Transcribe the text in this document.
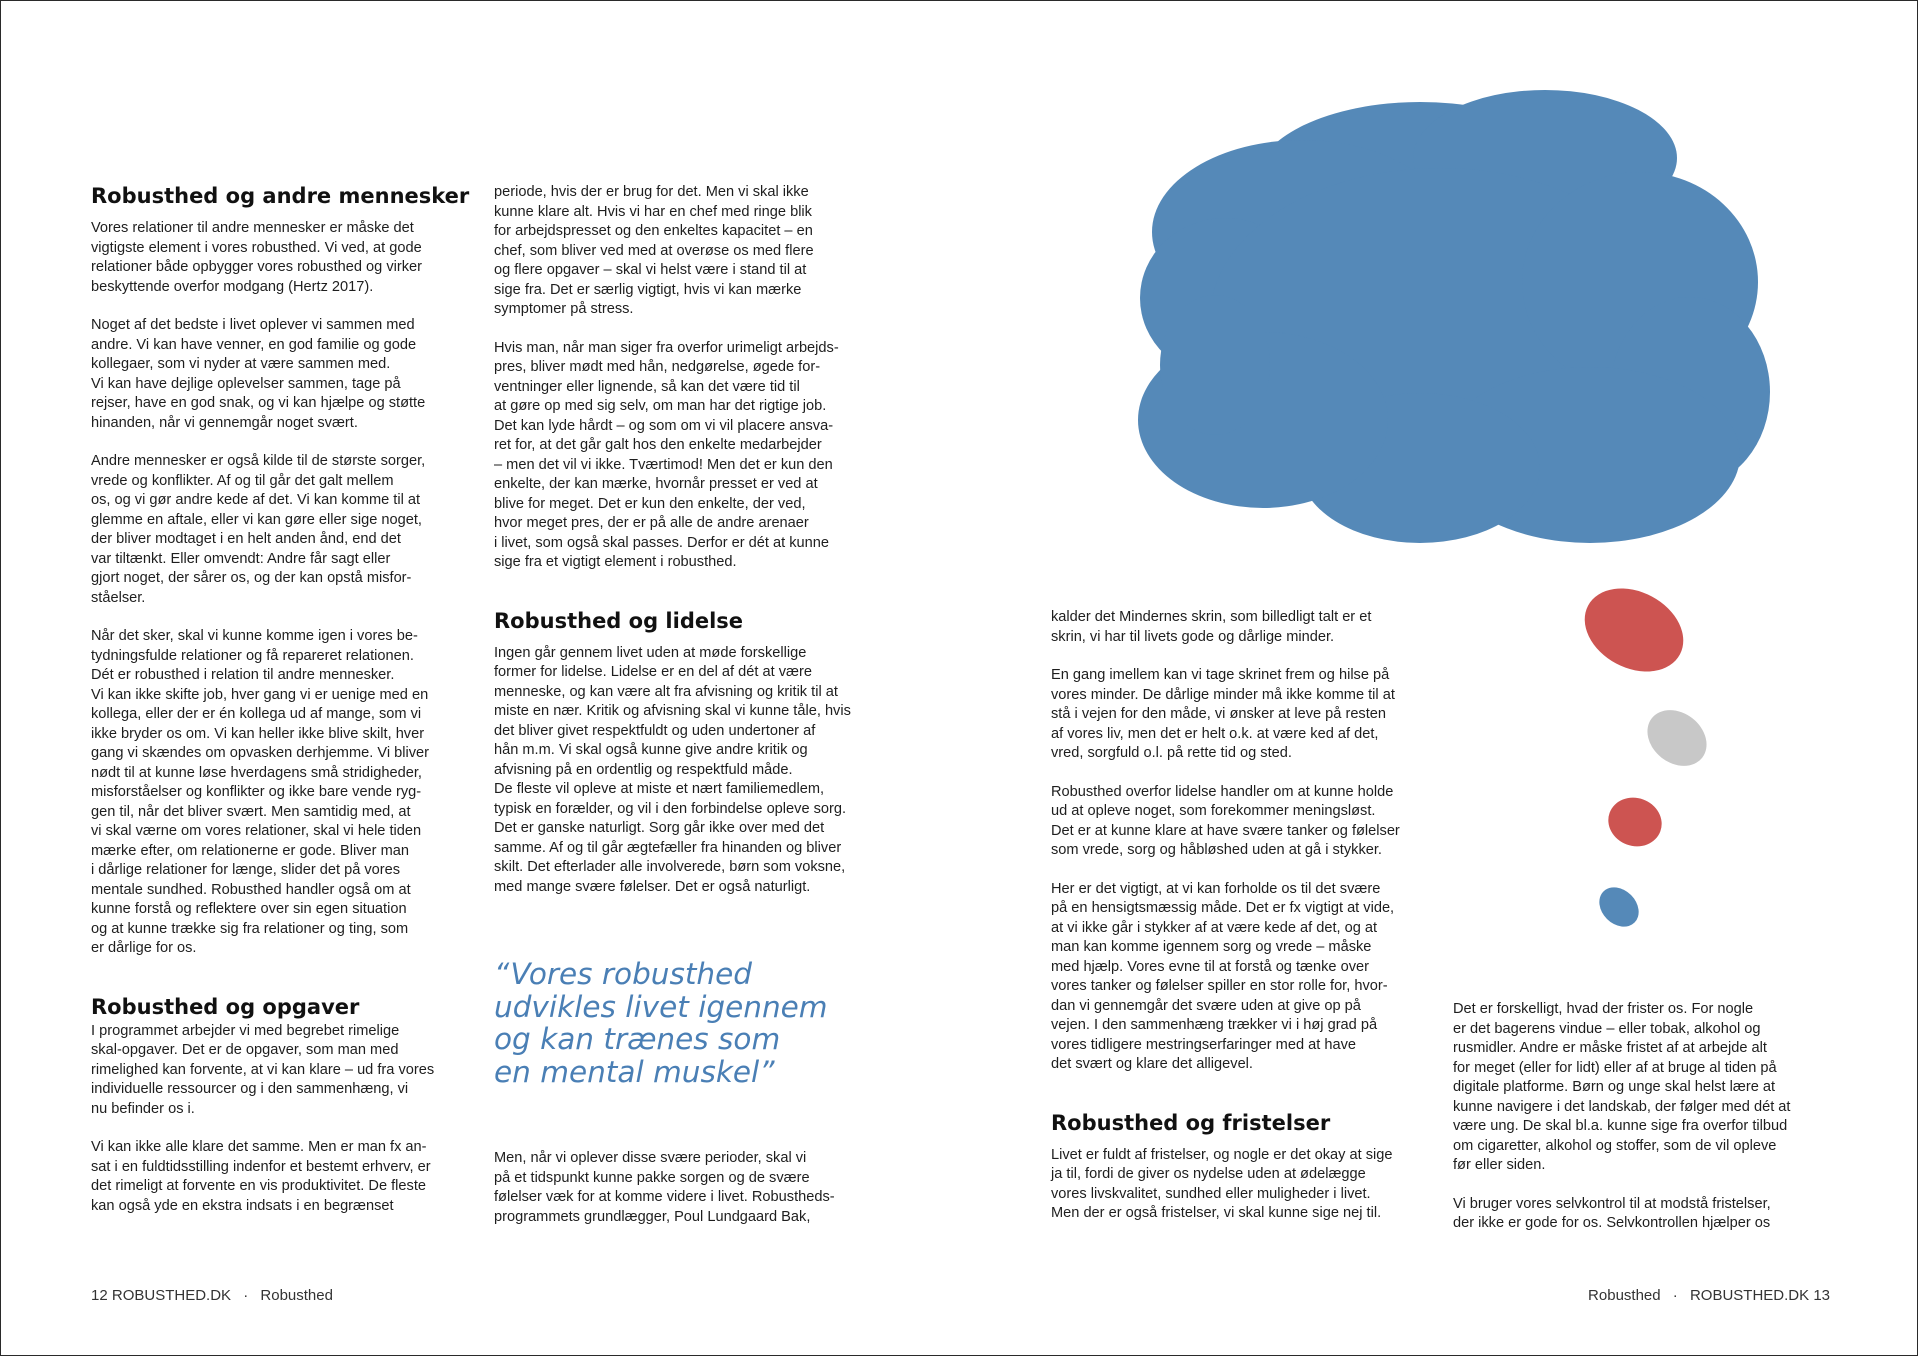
Robusthed og andre mennesker

Vores relationer til andre mennesker er måske det
vigtigste element i vores robusthed. Vi ved, at gode
relationer både opbygger vores robusthed og virker
beskyttende overfor modgang (Hertz 2017).

Noget af det bedste i livet oplever vi sammen med
andre. Vi kan have venner, en god familie og gode
kollegaer, som vi nyder at være sammen med.
Vi kan have dejlige oplevelser sammen, tage på
rejser, have en god snak, og vi kan hjælpe og støtte
hinanden, når vi gennemgår noget svært.

Andre mennesker er også kilde til de største sorger,
vrede og konflikter. Af og til går det galt mellem
os, og vi gør andre kede af det. Vi kan komme til at
glemme en aftale, eller vi kan gøre eller sige noget,
der bliver modtaget i en helt anden ånd, end det
var tiltænkt. Eller omvendt: Andre får sagt eller
gjort noget, der sårer os, og der kan opstå misfor-
ståelser.

Når det sker, skal vi kunne komme igen i vores be-
tydningsfulde relationer og få repareret relationen.
Dét er robusthed i relation til andre mennesker.
Vi kan ikke skifte job, hver gang vi er uenige med en
kollega, eller der er én kollega ud af mange, som vi
ikke bryder os om. Vi kan heller ikke blive skilt, hver
gang vi skændes om opvasken derhjemme. Vi bliver
nødt til at kunne løse hverdagens små stridigheder,
misforståelser og konflikter og ikke bare vende ryg-
gen til, når det bliver svært. Men samtidig med, at
vi skal værne om vores relationer, skal vi hele tiden
mærke efter, om relationerne er gode. Bliver man
i dårlige relationer for længe, slider det på vores
mentale sundhed. Robusthed handler også om at
kunne forstå og reflektere over sin egen situation
og at kunne trække sig fra relationer og ting, som
er dårlige for os.

Robusthed og opgaver

I programmet arbejder vi med begrebet rimelige
skal-opgaver. Det er de opgaver, som man med
rimelighed kan forvente, at vi kan klare – ud fra vores
individuelle ressourcer og i den sammenhæng, vi
nu befinder os i.

Vi kan ikke alle klare det samme. Men er man fx an-
sat i en fuldtidsstilling indenfor et bestemt erhverv, er
det rimeligt at forvente en vis produktivitet. De fleste
kan også yde en ekstra indsats i en begrænset

periode, hvis der er brug for det. Men vi skal ikke
kunne klare alt. Hvis vi har en chef med ringe blik
for arbejdspresset og den enkeltes kapacitet – en
chef, som bliver ved med at overøse os med flere
og flere opgaver – skal vi helst være i stand til at
sige fra. Det er særlig vigtigt, hvis vi kan mærke
symptomer på stress.

Hvis man, når man siger fra overfor urimeligt arbejds-
pres, bliver mødt med hån, nedgørelse, øgede for-
ventninger eller lignende, så kan det være tid til
at gøre op med sig selv, om man har det rigtige job.
Det kan lyde hårdt – og som om vi vil placere ansva-
ret for, at det går galt hos den enkelte medarbejder
– men det vil vi ikke. Tværtimod! Men det er kun den
enkelte, der kan mærke, hvornår presset er ved at
blive for meget. Det er kun den enkelte, der ved,
hvor meget pres, der er på alle de andre arenaer
i livet, som også skal passes. Derfor er dét at kunne
sige fra et vigtigt element i robusthed.

Robusthed og lidelse

Ingen går gennem livet uden at møde forskellige
former for lidelse. Lidelse er en del af dét at være
menneske, og kan være alt fra afvisning og kritik til at
miste en nær. Kritik og afvisning skal vi kunne tåle, hvis
det bliver givet respektfuldt og uden undertoner af
hån m.m. Vi skal også kunne give andre kritik og
afvisning på en ordentlig og respektfuld måde.
De fleste vil opleve at miste et nært familiemedlem,
typisk en forælder, og vil i den forbindelse opleve sorg.
Det er ganske naturligt. Sorg går ikke over med det
samme. Af og til går ægtefæller fra hinanden og bliver
skilt. Det efterlader alle involverede, børn som voksne,
med mange svære følelser. Det er også naturligt.

“Vores robusthed
udvikles livet igennem
og kan trænes som
en mental muskel”

Men, når vi oplever disse svære perioder, skal vi
på et tidspunkt kunne pakke sorgen og de svære
følelser væk for at komme videre i livet. Robustheds-
programmets grundlægger, Poul Lundgaard Bak,

kalder det Mindernes skrin, som billedligt talt er et
skrin, vi har til livets gode og dårlige minder.

En gang imellem kan vi tage skrinet frem og hilse på
vores minder. De dårlige minder må ikke komme til at
stå i vejen for den måde, vi ønsker at leve på resten
af vores liv, men det er helt o.k. at være ked af det,
vred, sorgfuld o.l. på rette tid og sted.

Robusthed overfor lidelse handler om at kunne holde
ud at opleve noget, som forekommer meningsløst.
Det er at kunne klare at have svære tanker og følelser
som vrede, sorg og håbløshed uden at gå i stykker.

Her er det vigtigt, at vi kan forholde os til det svære
på en hensigtsmæssig måde. Det er fx vigtigt at vide,
at vi ikke går i stykker af at være kede af det, og at
man kan komme igennem sorg og vrede – måske
med hjælp. Vores evne til at forstå og tænke over
vores tanker og følelser spiller en stor rolle for, hvor-
dan vi gennemgår det svære uden at give op på
vejen. I den sammenhæng trækker vi i høj grad på
vores tidligere mestringserfaringer med at have
det svært og klare det alligevel.

Robusthed og fristelser

Livet er fuldt af fristelser, og nogle er det okay at sige
ja til, fordi de giver os nydelse uden at ødelægge
vores livskvalitet, sundhed eller muligheder i livet.
Men der er også fristelser, vi skal kunne sige nej til.

Det er forskelligt, hvad der frister os. For nogle
er det bagerens vindue – eller tobak, alkohol og
rusmidler. Andre er måske fristet af at arbejde alt
for meget (eller for lidt) eller af at bruge al tiden på
digitale platforme. Børn og unge skal helst lære at
kunne navigere i det landskab, der følger med dét at
være ung. De skal bl.a. kunne sige fra overfor tilbud
om cigaretter, alkohol og stoffer, som de vil opleve
før eller siden.

Vi bruger vores selvkontrol til at modstå fristelser,
der ikke er gode for os. Selvkontrollen hjælper os

12 ROBUSTHED.DK · Robusthed	Robusthed · ROBUSTHED.DK 13
